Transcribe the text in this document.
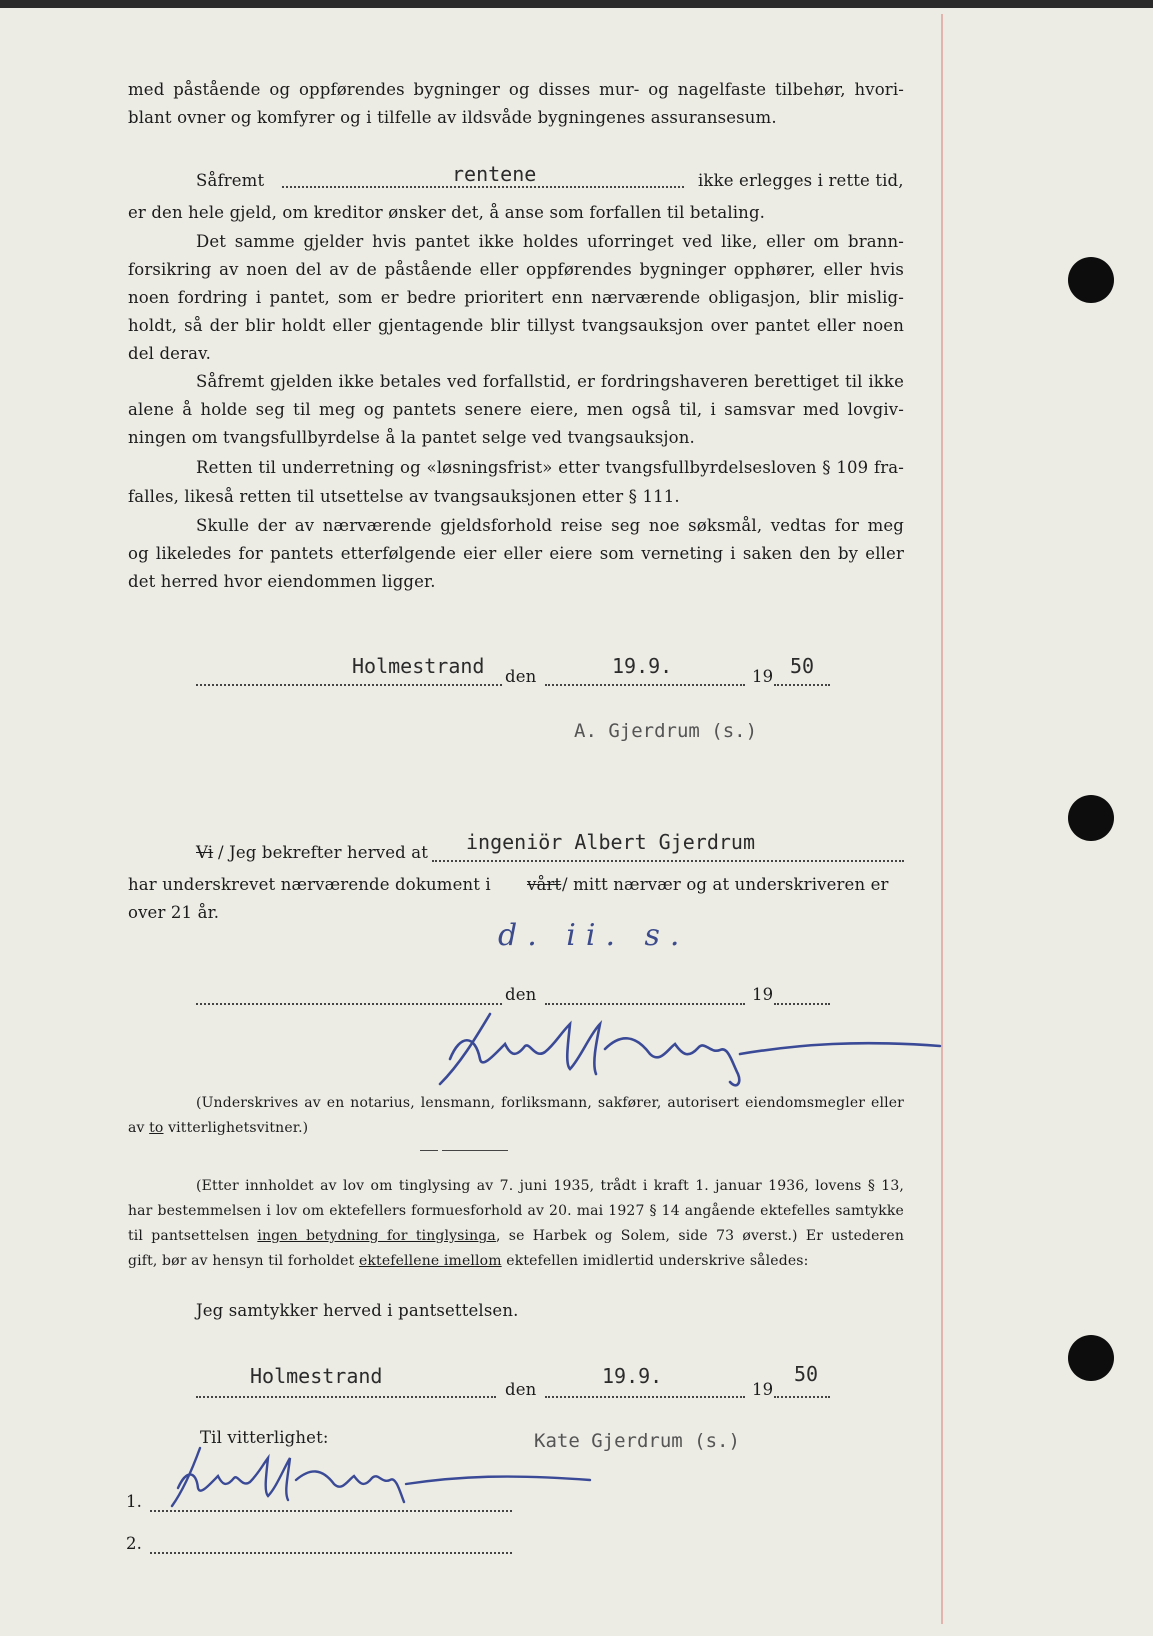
med påstående og oppførendes bygninger og disses mur- og nagelfaste tilbehør, hvori-
blant ovner og komfyrer og i tilfelle av ildsvåde bygningenes assuransesum.
Såfremt	rentene	ikke erlegges i rette tid,
er den hele gjeld, om kreditor ønsker det, å anse som forfallen til betaling.
Det samme gjelder hvis pantet ikke holdes uforringet ved like, eller om brann-
forsikring av noen del av de påstående eller oppførendes bygninger opphører, eller hvis
noen fordring i pantet, som er bedre prioritert enn nærværende obligasjon, blir mislig-
holdt, så der blir holdt eller gjentagende blir tillyst tvangsauksjon over pantet eller noen
del derav.
Såfremt gjelden ikke betales ved forfallstid, er fordringshaveren berettiget til ikke
alene å holde seg til meg og pantets senere eiere, men også til, i samsvar med lovgiv-
ningen om tvangsfullbyrdelse å la pantet selge ved tvangsauksjon.
Retten til underretning og «løsningsfrist» etter tvangsfullbyrdelsesloven § 109 fra-
falles, likeså retten til utsettelse av tvangsauksjonen etter § 111.
Skulle der av nærværende gjeldsforhold reise seg noe søksmål, vedtas for meg
og likeledes for pantets etterfølgende eier eller eiere som verneting i saken den by eller
det herred hvor eiendommen ligger.
Holmestrand den	19.9.	19 50
A. Gjerdrum (s.)
Vi / Jeg bekrefter herved at ingeniör Albert Gjerdrum
har underskrevet nærværende dokument i vårt / mitt nærvær og at underskriveren er
over 21 år.
d. ii. s.
den	19
(Underskrives av en notarius, lensmann, forliksmann, sakfører, autorisert eiendomsmegler eller
av to vitterlighetsvitner.)
(Etter innholdet av lov om tinglysing av 7. juni 1935, trådt i kraft 1. januar 1936, lovens § 13,
har bestemmelsen i lov om ektefellers formuesforhold av 20. mai 1927 § 14 angående ektefelles samtykke
til pantsettelsen ingen betydning for tinglysinga, se Harbek og Solem, side 73 øverst.) Er ustederen
gift, bør av hensyn til forholdet ektefellene imellom ektefellen imidlertid underskrive således:
Jeg samtykker herved i pantsettelsen.
Holmestrand
den
19.9.
19
50
Til vitterlighet:	Kate Gjerdrum (s.)
1.
2.
